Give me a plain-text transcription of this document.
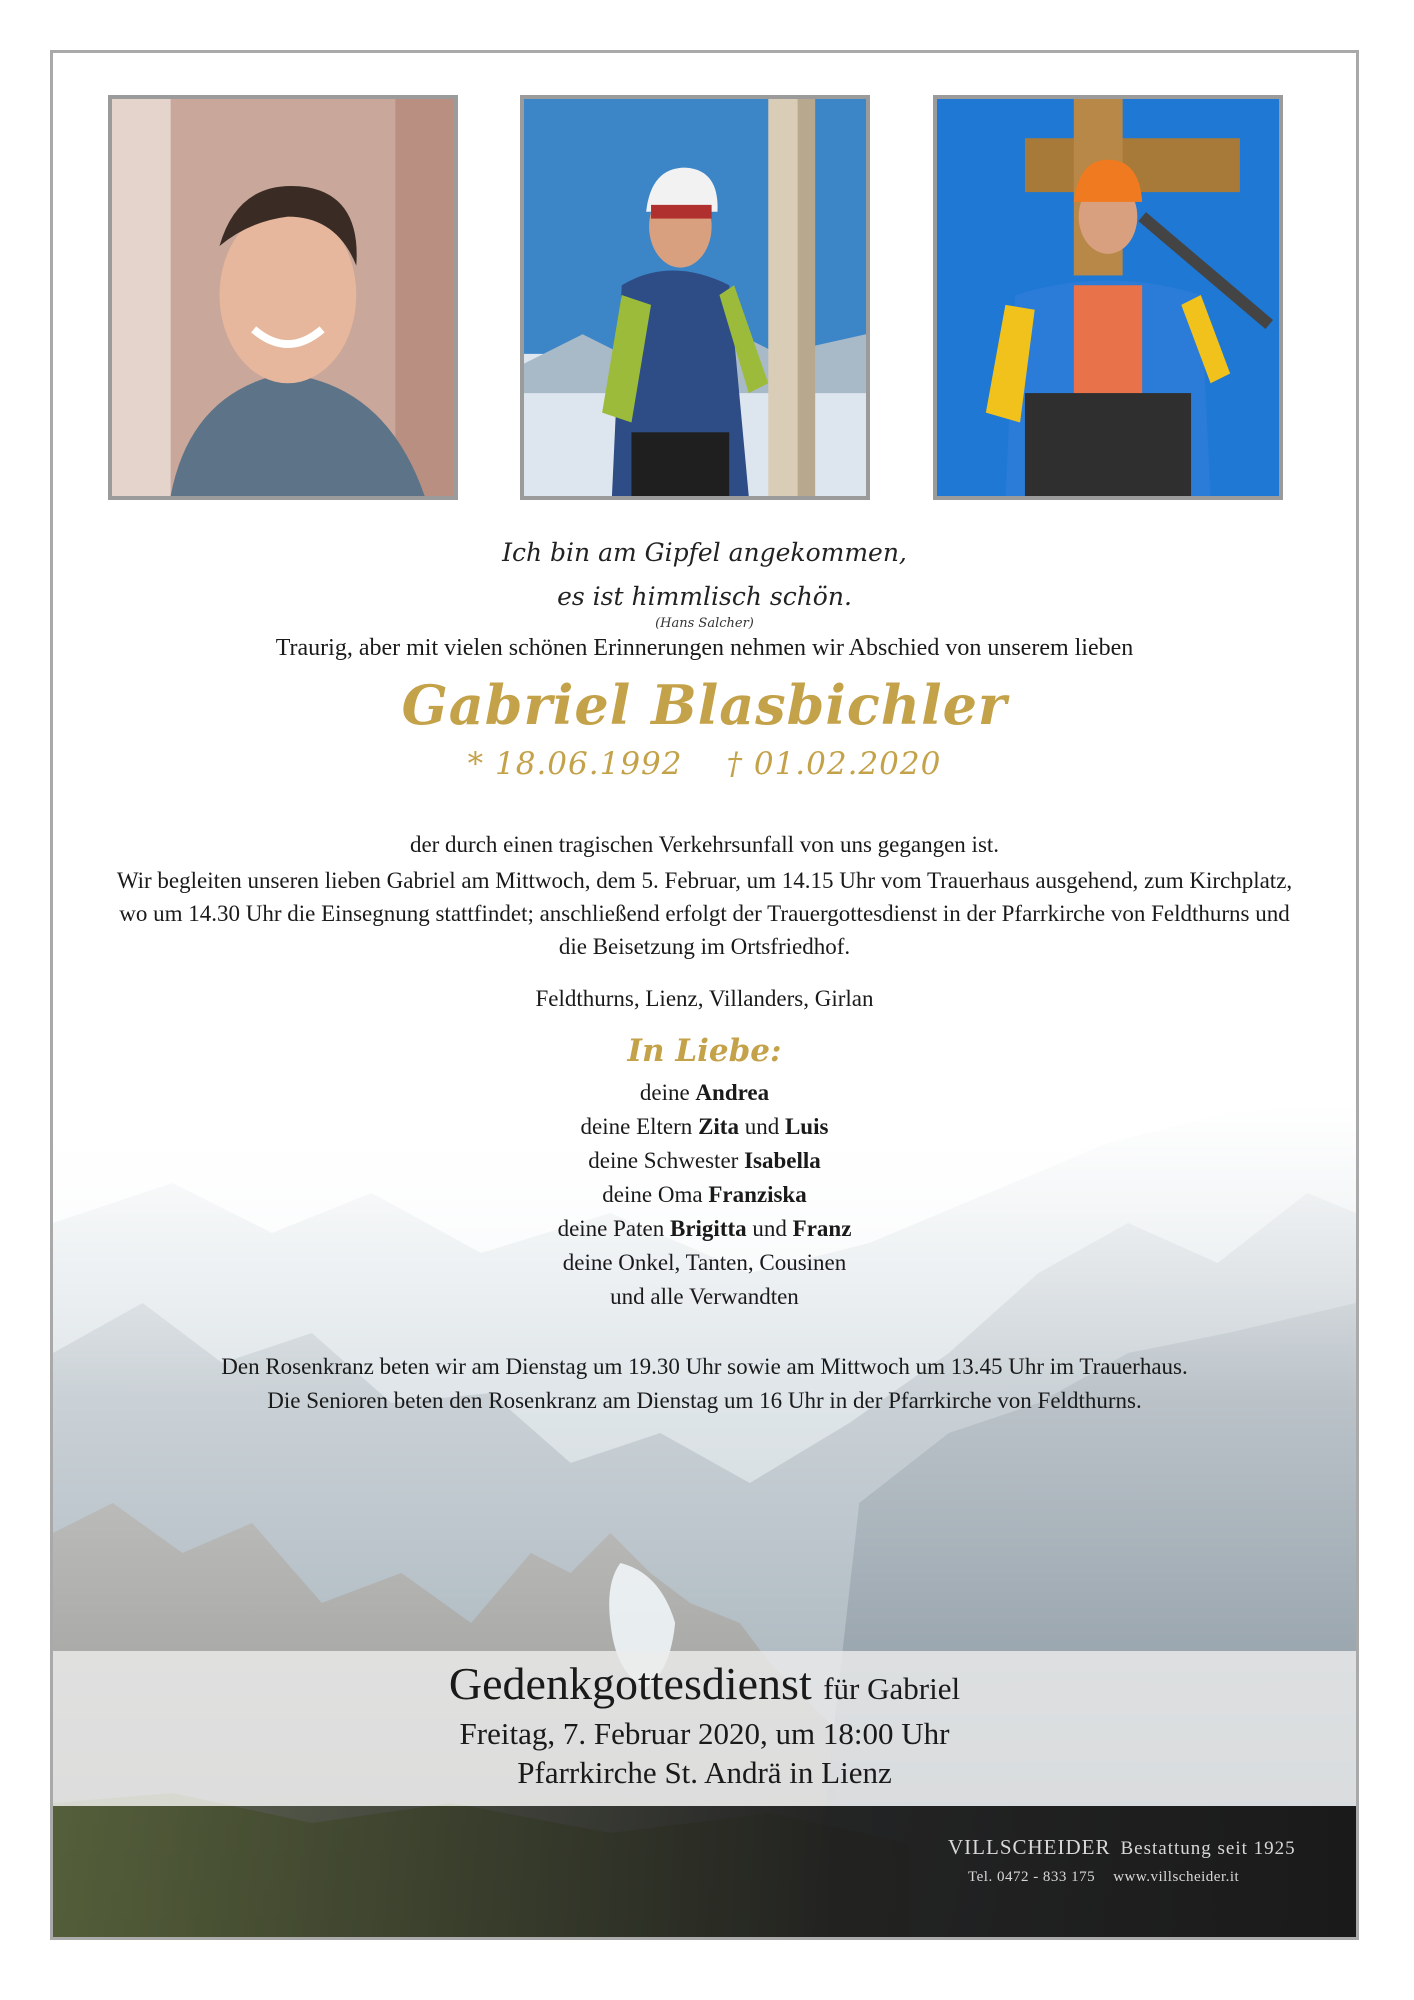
Ich bin am Gipfel angekommen,
es ist himmlisch schön.
(Hans Salcher)
Traurig, aber mit vielen schönen Erinnerungen nehmen wir Abschied von unserem lieben
Gabriel Blasbichler
* 18.06.1992 † 01.02.2020
der durch einen tragischen Verkehrsunfall von uns gegangen ist.
Wir begleiten unseren lieben Gabriel am Mittwoch, dem 5. Februar, um 14.15 Uhr vom Trauerhaus ausgehend, zum Kirchplatz, wo um 14.30 Uhr die Einsegnung stattfindet; anschließend erfolgt der Trauergottesdienst in der Pfarrkirche von Feldthurns und die Beisetzung im Ortsfriedhof.
Feldthurns, Lienz, Villanders, Girlan
In Liebe:
deine Andrea
deine Eltern Zita und Luis
deine Schwester Isabella
deine Oma Franziska
deine Paten Brigitta und Franz
deine Onkel, Tanten, Cousinen
und alle Verwandten
Den Rosenkranz beten wir am Dienstag um 19.30 Uhr sowie am Mittwoch um 13.45 Uhr im Trauerhaus.
Die Senioren beten den Rosenkranz am Dienstag um 16 Uhr in der Pfarrkirche von Feldthurns.
Gedenkgottesdienst für Gabriel
Freitag, 7. Februar 2020, um 18:00 Uhr
Pfarrkirche St. Andrä in Lienz
VILLSCHEIDER Bestattung seit 1925
Tel. 0472 - 833 175 www.villscheider.it
